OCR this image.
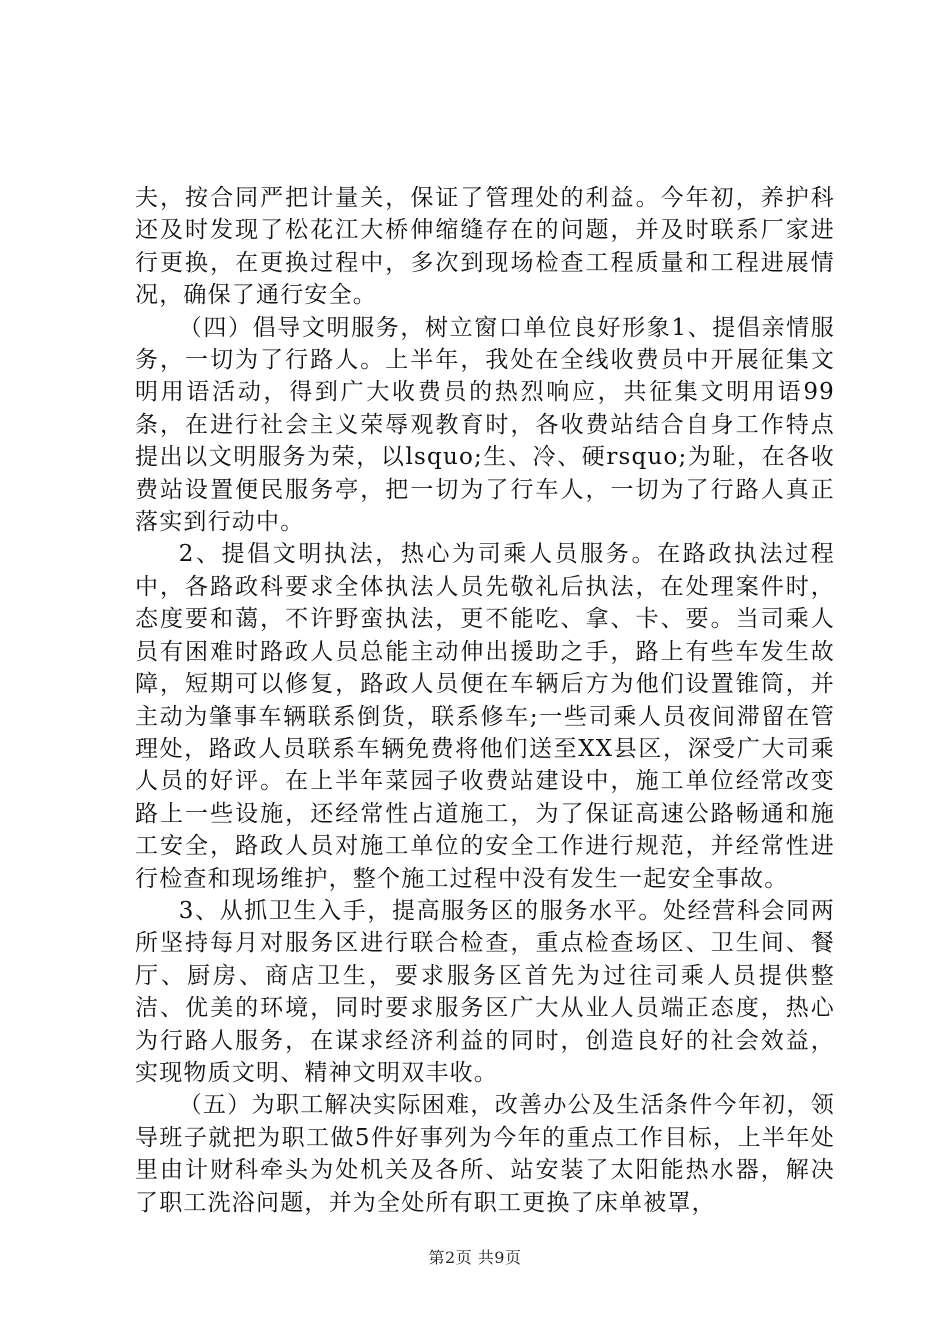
夫，按合同严把计量关，保证了管理处的利益。今年初，养护科还及时发现了松花江大桥伸缩缝存在的问题，并及时联系厂家进行更换，在更换过程中，多次到现场检查工程质量和工程进展情况，确保了通行安全。

（四）倡导文明服务，树立窗口单位良好形象1、提倡亲情服务，一切为了行路人。上半年，我处在全线收费员中开展征集文明用语活动，得到广大收费员的热烈响应，共征集文明用语99条，在进行社会主义荣辱观教育时，各收费站结合自身工作特点提出以文明服务为荣，以lsquo;生、冷、硬rsquo;为耻，在各收费站设置便民服务亭，把一切为了行车人，一切为了行路人真正落实到行动中。

2、提倡文明执法，热心为司乘人员服务。在路政执法过程中，各路政科要求全体执法人员先敬礼后执法，在处理案件时，态度要和蔼，不许野蛮执法，更不能吃、拿、卡、要。当司乘人员有困难时路政人员总能主动伸出援助之手，路上有些车发生故障，短期可以修复，路政人员便在车辆后方为他们设置锥筒，并主动为肇事车辆联系倒货，联系修车;一些司乘人员夜间滞留在管理处，路政人员联系车辆免费将他们送至XX县区，深受广大司乘人员的好评。在上半年菜园子收费站建设中，施工单位经常改变路上一些设施，还经常性占道施工，为了保证高速公路畅通和施工安全，路政人员对施工单位的安全工作进行规范，并经常性进行检查和现场维护，整个施工过程中没有发生一起安全事故。

3、从抓卫生入手，提高服务区的服务水平。处经营科会同两所坚持每月对服务区进行联合检查，重点检查场区、卫生间、餐厅、厨房、商店卫生，要求服务区首先为过往司乘人员提供整洁、优美的环境，同时要求服务区广大从业人员端正态度，热心为行路人服务，在谋求经济利益的同时，创造良好的社会效益，实现物质文明、精神文明双丰收。

（五）为职工解决实际困难，改善办公及生活条件今年初，领导班子就把为职工做5件好事列为今年的重点工作目标，上半年处里由计财科牵头为处机关及各所、站安装了太阳能热水器，解决了职工洗浴问题，并为全处所有职工更换了床单被罩，

第2页 共9页
